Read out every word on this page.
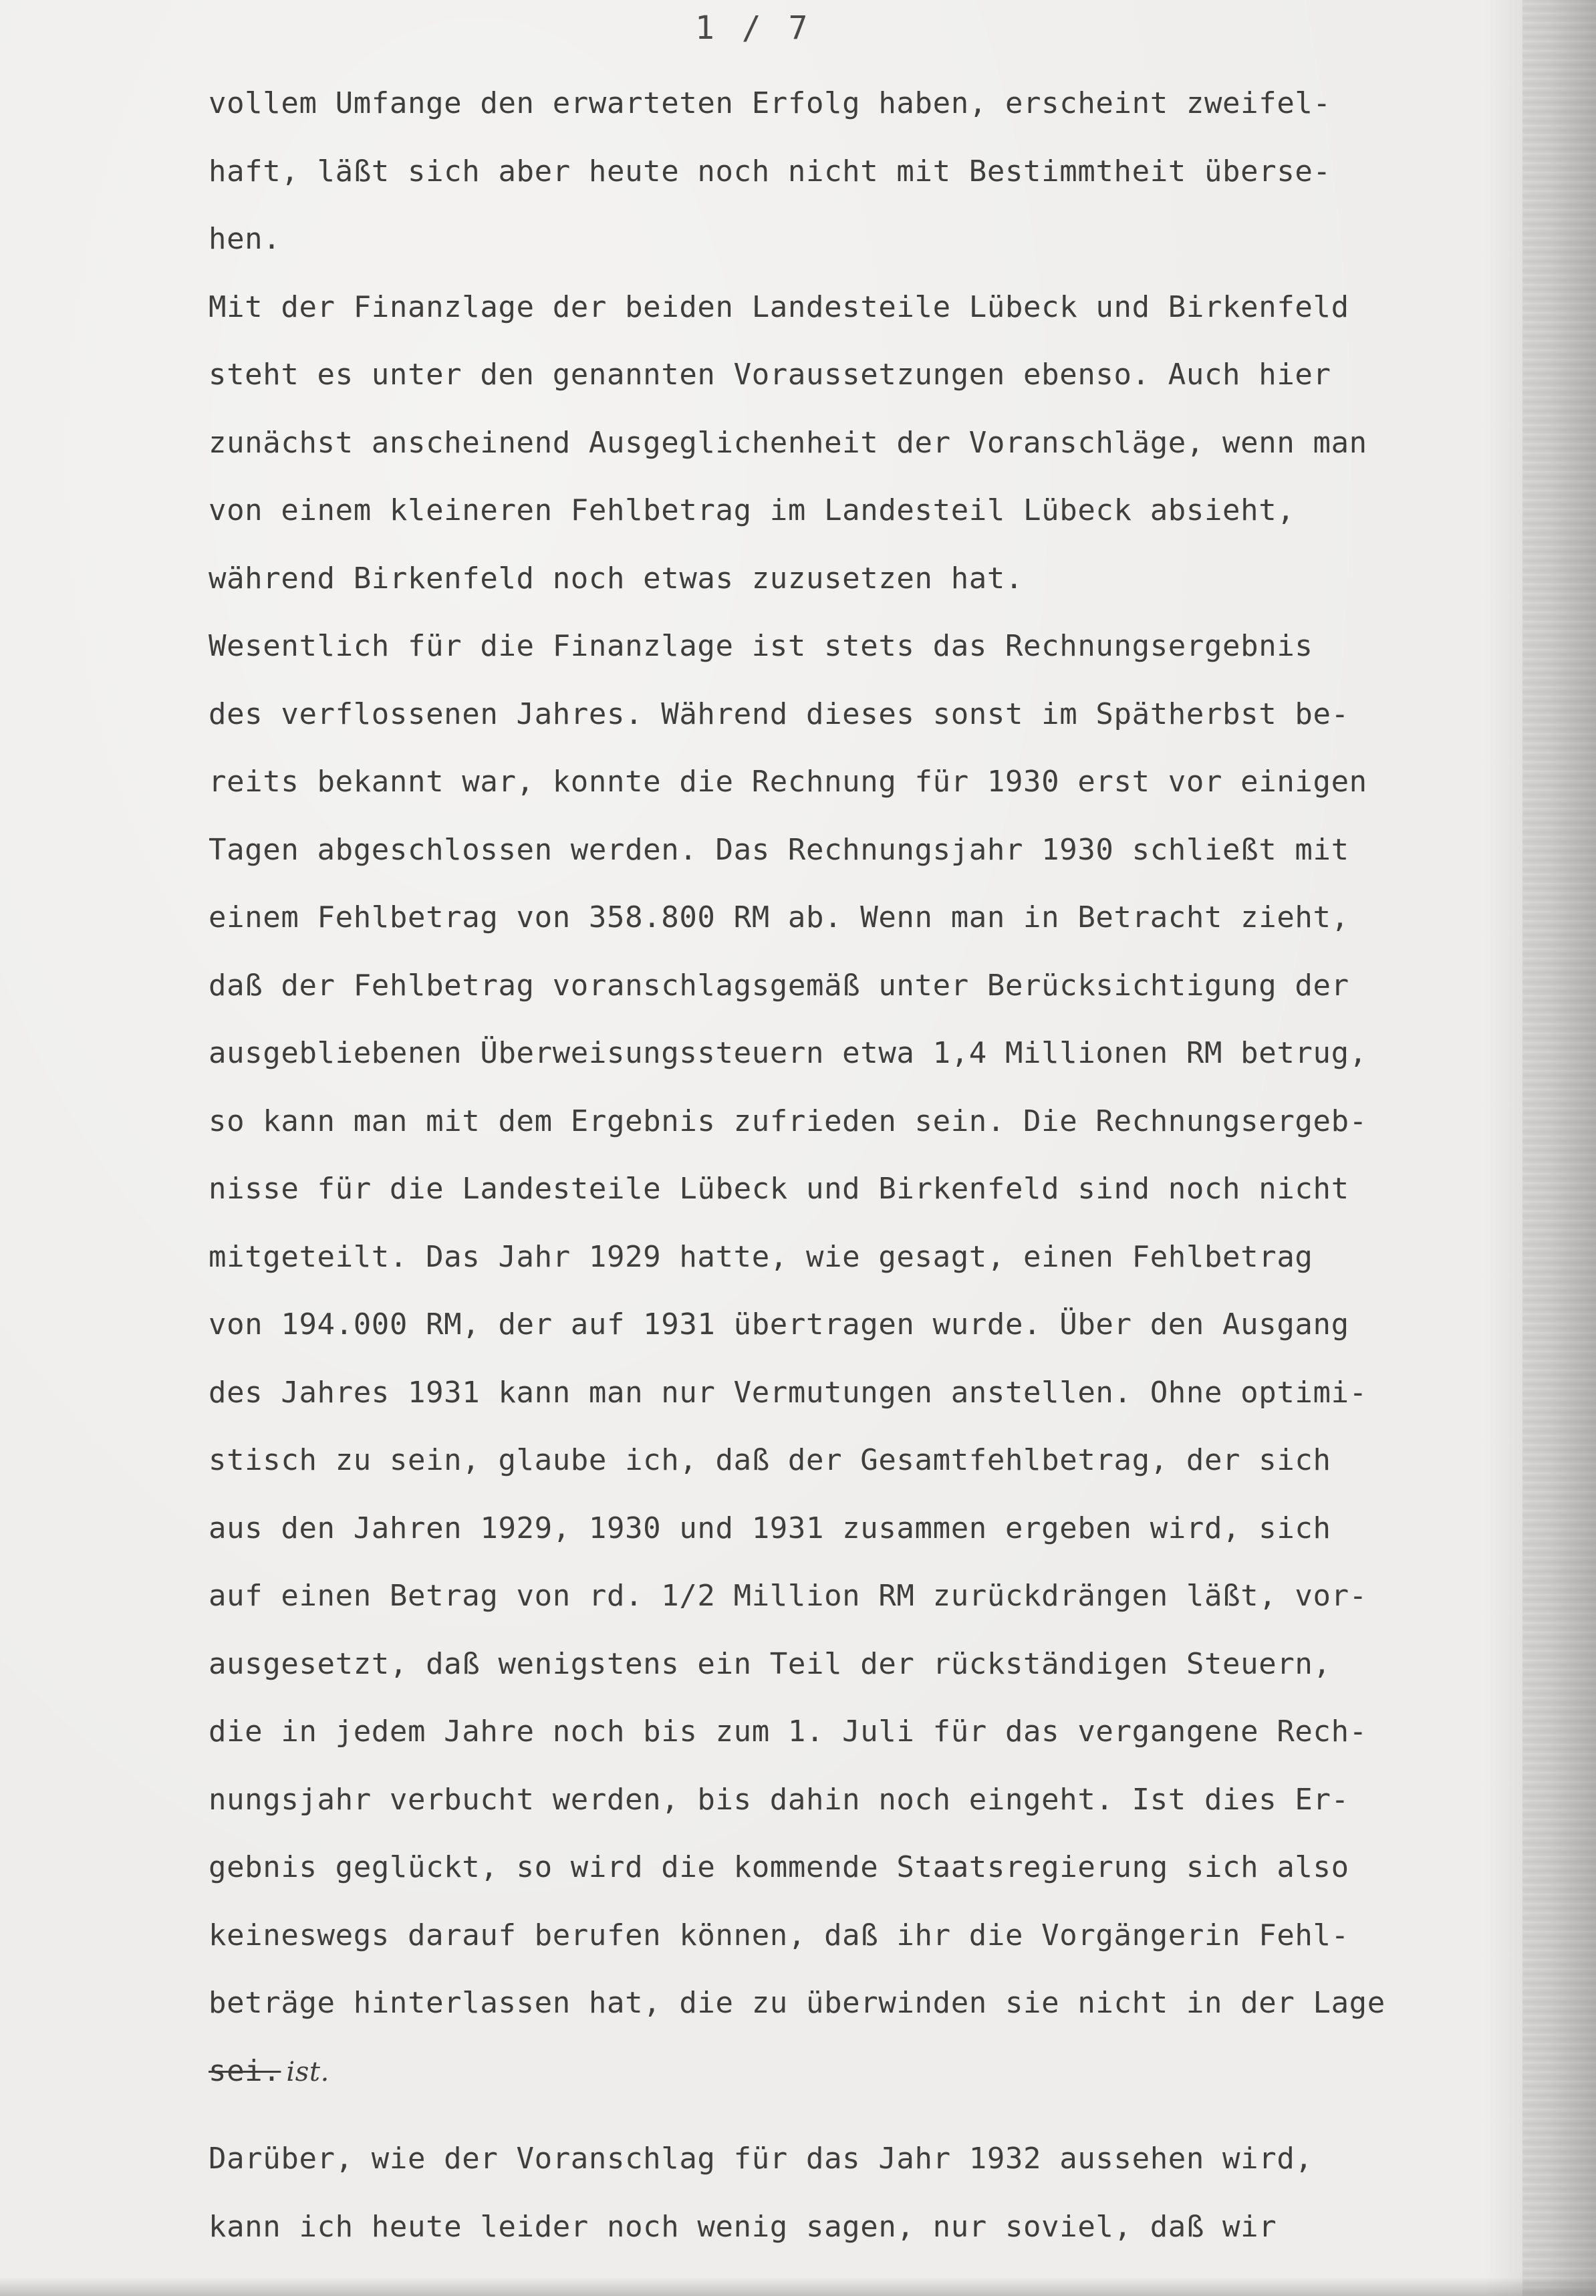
1 / 7
vollem Umfange den erwarteten Erfolg haben, erscheint zweifel-
haft, läßt sich aber heute noch nicht mit Bestimmtheit überse-
hen.
Mit der Finanzlage der beiden Landesteile Lübeck und Birkenfeld
steht es unter den genannten Voraussetzungen ebenso. Auch hier
zunächst anscheinend Ausgeglichenheit der Voranschläge, wenn man
von einem kleineren Fehlbetrag im Landesteil Lübeck absieht,
während Birkenfeld noch etwas zuzusetzen hat.
Wesentlich für die Finanzlage ist stets das Rechnungsergebnis
des verflossenen Jahres. Während dieses sonst im Spätherbst be-
reits bekannt war, konnte die Rechnung für 1930 erst vor einigen
Tagen abgeschlossen werden. Das Rechnungsjahr 1930 schließt mit
einem Fehlbetrag von 358.800 RM ab. Wenn man in Betracht zieht,
daß der Fehlbetrag voranschlagsgemäß unter Berücksichtigung der
ausgebliebenen Überweisungssteuern etwa 1,4 Millionen RM betrug,
so kann man mit dem Ergebnis zufrieden sein. Die Rechnungsergeb-
nisse für die Landesteile Lübeck und Birkenfeld sind noch nicht
mitgeteilt. Das Jahr 1929 hatte, wie gesagt, einen Fehlbetrag
von 194.000 RM, der auf 1931 übertragen wurde. Über den Ausgang
des Jahres 1931 kann man nur Vermutungen anstellen. Ohne optimi-
stisch zu sein, glaube ich, daß der Gesamtfehlbetrag, der sich
aus den Jahren 1929, 1930 und 1931 zusammen ergeben wird, sich
auf einen Betrag von rd. 1/2 Million RM zurückdrängen läßt, vor-
ausgesetzt, daß wenigstens ein Teil der rückständigen Steuern,
die in jedem Jahre noch bis zum 1. Juli für das vergangene Rech-
nungsjahr verbucht werden, bis dahin noch eingeht. Ist dies Er-
gebnis geglückt, so wird die kommende Staatsregierung sich also
keineswegs darauf berufen können, daß ihr die Vorgängerin Fehl-
beträge hinterlassen hat, die zu überwinden sie nicht in der Lage
sei. ist.
Darüber, wie der Voranschlag für das Jahr 1932 aussehen wird,
kann ich heute leider noch wenig sagen, nur soviel, daß wir
